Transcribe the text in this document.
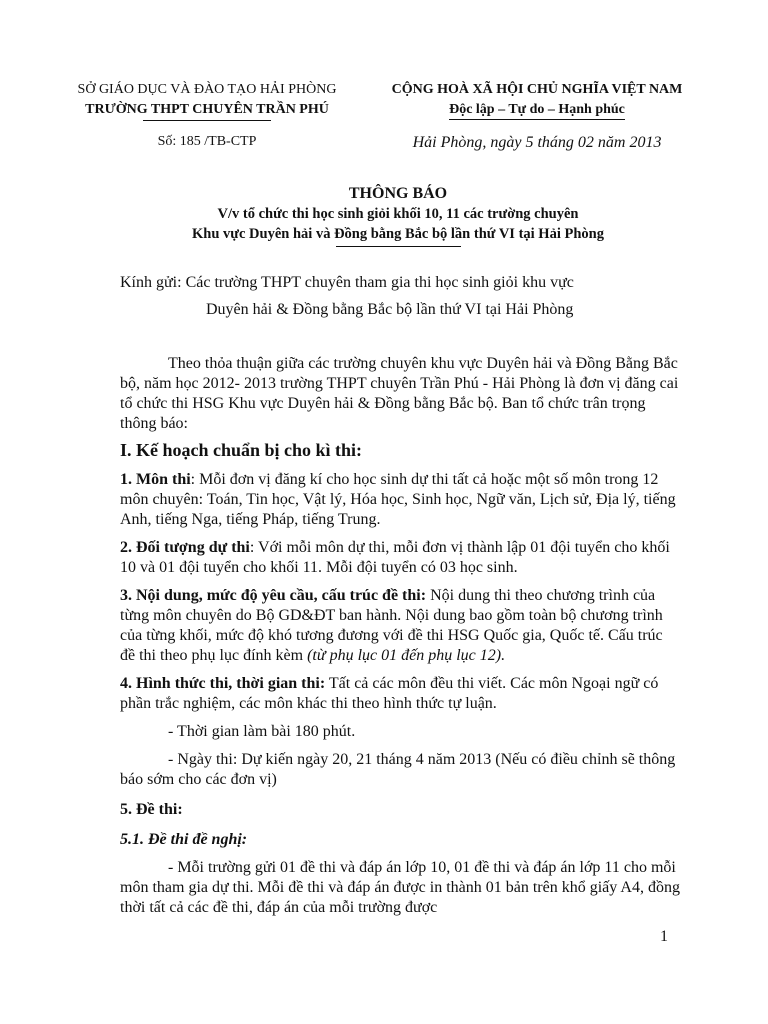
SỞ GIÁO DỤC VÀ ĐÀO TẠO HẢI PHÒNG
TRƯỜNG THPT CHUYÊN TRẦN PHÚ
Số: 185 /TB-CTP
CỘNG HOÀ XÃ HỘI CHỦ NGHĨA VIỆT NAM
Độc lập – Tự do – Hạnh phúc
Hải Phòng, ngày 5 tháng 02 năm 2013
THÔNG BÁO
V/v tổ chức thi học sinh giỏi khối 10, 11 các trường chuyên
Khu vực Duyên hải và Đồng bằng Bắc bộ lần thứ VI tại Hải Phòng
Kính gửi: Các trường THPT chuyên tham gia thi học sinh giỏi khu vực
Duyên hải & Đồng bằng Bắc bộ lần thứ VI tại Hải Phòng

Theo thỏa thuận giữa các trường chuyên khu vực Duyên hải và Đồng Bằng Bắc bộ, năm học 2012- 2013 trường THPT chuyên Trần Phú - Hải Phòng là đơn vị đăng cai tổ chức thi HSG Khu vực Duyên hải & Đồng bằng Bắc bộ. Ban tổ chức trân trọng thông báo:

I. Kế hoạch chuẩn bị cho kì thi:

1. Môn thi: Mỗi đơn vị đăng kí cho học sinh dự thi tất cả hoặc một số môn trong 12 môn chuyên: Toán, Tin học, Vật lý, Hóa học, Sinh học, Ngữ văn, Lịch sử, Địa lý, tiếng Anh, tiếng Nga, tiếng Pháp, tiếng Trung.

2. Đối tượng dự thi: Với mỗi môn dự thi, mỗi đơn vị thành lập 01 đội tuyển cho khối 10 và 01 đội tuyển cho khối 11. Mỗi đội tuyển có 03 học sinh.

3. Nội dung, mức độ yêu cầu, cấu trúc đề thi: Nội dung thi theo chương trình của từng môn chuyên do Bộ GD&ĐT ban hành. Nội dung bao gồm toàn bộ chương trình của từng khối, mức độ khó tương đương với đề thi HSG Quốc gia, Quốc tế. Cấu trúc đề thi theo phụ lục đính kèm (từ phụ lục 01 đến phụ lục 12).

4. Hình thức thi, thời gian thi: Tất cả các môn đều thi viết. Các môn Ngoại ngữ có phần trắc nghiệm, các môn khác thi theo hình thức tự luận.

- Thời gian làm bài 180 phút.

- Ngày thi: Dự kiến ngày 20, 21 tháng 4 năm 2013 (Nếu có điều chỉnh sẽ thông báo sớm cho các đơn vị)

5. Đề thi:

5.1. Đề thi đề nghị:

- Mỗi trường gửi 01 đề thi và đáp án lớp 10, 01 đề thi và đáp án lớp 11 cho mỗi môn tham gia dự thi. Mỗi đề thi và đáp án được in thành 01 bản trên khổ giấy A4, đồng thời tất cả các đề thi, đáp án của mỗi trường được

1
